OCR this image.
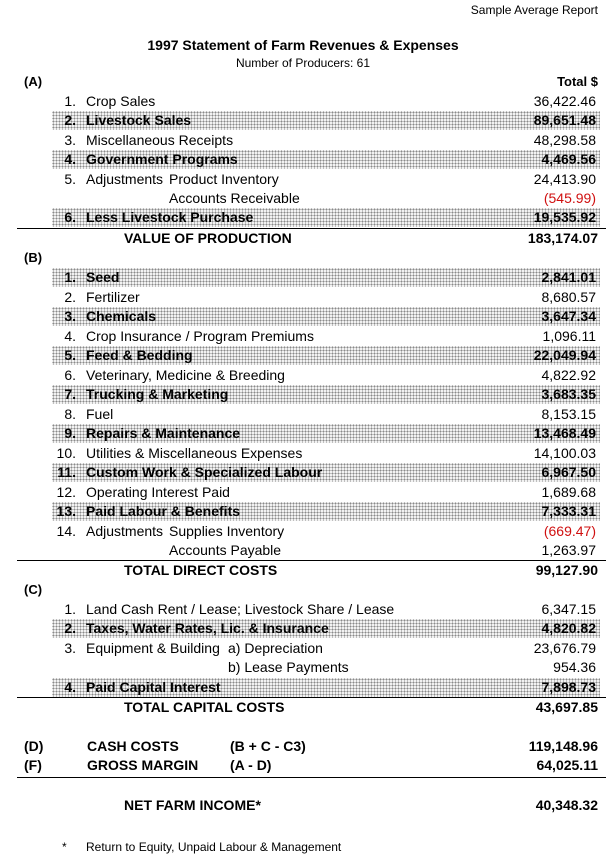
Sample Average Report
1997 Statement of Farm Revenues & Expenses
Number of Producers: 61
(A)	Total $
1. Crop Sales	36,422.46
2. Livestock Sales	89,651.48
3. Miscellaneous Receipts	48,298.58
4. Government Programs	4,469.56
5. Adjustments Product Inventory	24,413.90
Accounts Receivable	(545.99)
6. Less Livestock Purchase	19,535.92
VALUE OF PRODUCTION	183,174.07
(B)
1. Seed	2,841.01
2. Fertilizer	8,680.57
3. Chemicals	3,647.34
4. Crop Insurance / Program Premiums	1,096.11
5. Feed & Bedding	22,049.94
6. Veterinary, Medicine & Breeding	4,822.92
7. Trucking & Marketing	3,683.35
8. Fuel	8,153.15
9. Repairs & Maintenance	13,468.49
10. Utilities & Miscellaneous Expenses	14,100.03
11. Custom Work & Specialized Labour	6,967.50
12. Operating Interest Paid	1,689.68
13. Paid Labour & Benefits	7,333.31
14. Adjustments Supplies Inventory	(669.47)
Accounts Payable	1,263.97
TOTAL DIRECT COSTS	99,127.90
(C)
1. Land Cash Rent / Lease; Livestock Share / Lease	6,347.15
2. Taxes, Water Rates, Lic. & Insurance	4,820.82
3. Equipment & Building a) Depreciation	23,676.79
b) Lease Payments	954.36
4. Paid Capital Interest	7,898.73
TOTAL CAPITAL COSTS	43,697.85
(D)	CASH COSTS	(B + C - C3)	119,148.96
(F)	GROSS MARGIN (A - D)	64,025.11
NET FARM INCOME*	40,348.32
* Return to Equity, Unpaid Labour & Management
